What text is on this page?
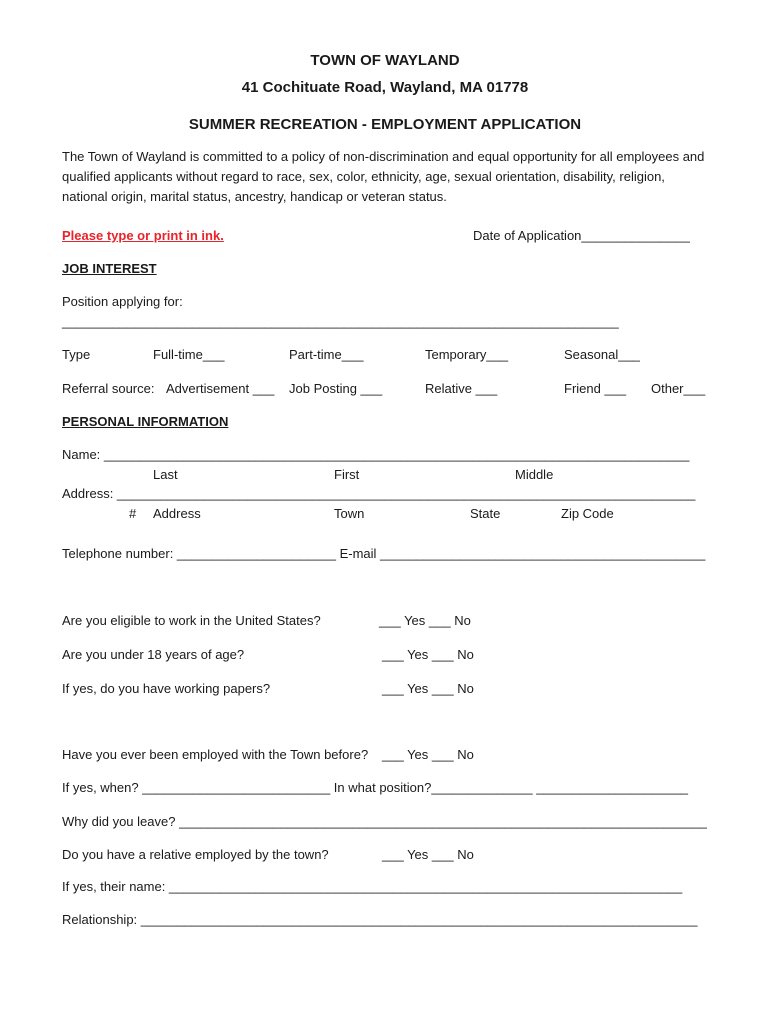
TOWN OF WAYLAND
41 Cochituate Road, Wayland, MA 01778
SUMMER RECREATION - EMPLOYMENT APPLICATION
The Town of Wayland is committed to a policy of non-discrimination and equal opportunity for all employees and qualified applicants without regard to race, sex, color, ethnicity, age, sexual orientation, disability, religion, national origin, marital status, ancestry, handicap or veteran status.
Please type or print in ink.	Date of Application_______________
JOB INTEREST
Position applying for:
_____________________________________________________________________________
Type	Full-time___	Part-time___	Temporary___	Seasonal___
Referral source: Advertisement ___ Job Posting ___	Relative ___	Friend ___ Other___
PERSONAL INFORMATION
Name: _________________________________________________________________________________
Last	First	Middle
Address: ________________________________________________________________________________
# Address	Town	State	Zip Code
Telephone number: ______________________ E-mail _____________________________________________
Are you eligible to work in the United States?	___ Yes ___ No
Are you under 18 years of age?	___ Yes ___ No
If yes, do you have working papers?	___ Yes ___ No
Have you ever been employed with the Town before? ___ Yes ___ No
If yes, when? __________________________ In what position?______________ _____________________
Why did you leave? _________________________________________________________________________
Do you have a relative employed by the town?	___ Yes ___ No
If yes, their name: _______________________________________________________________________
Relationship: _____________________________________________________________________________
